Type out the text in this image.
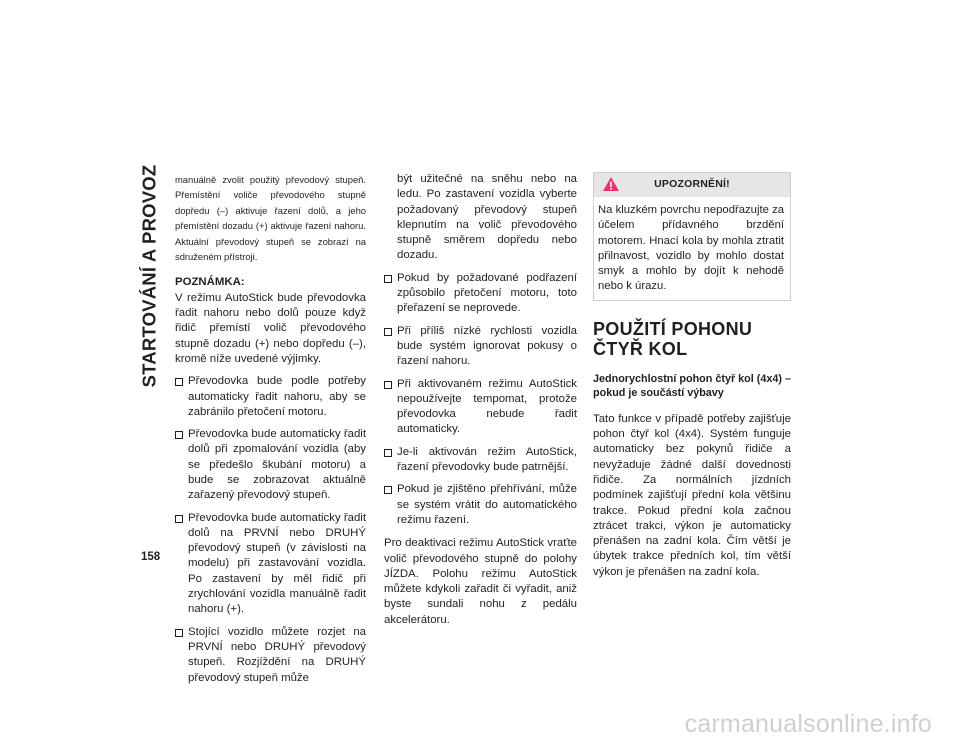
STARTOVÁNÍ A PROVOZ
158

manuálně zvolit použitý převodový stupeň. Přemístění voliče převodového stupně dopředu (–) aktivuje řazení dolů, a jeho přemístění dozadu (+) aktivuje řazení nahoru. Aktuální převodový stupeň se zobrazí na sdruženém přístroji.

POZNÁMKA:

V režimu AutoStick bude převodovka řadit nahoru nebo dolů pouze když řidič přemístí volič převodového stupně dozadu (+) nebo dopředu (–), kromě níže uvedené výjimky.

Převodovka bude podle potřeby automaticky řadit nahoru, aby se zabránilo přetočení motoru.
Převodovka bude automaticky řadit dolů při zpomalování vozidla (aby se předešlo škubání motoru) a bude se zobrazovat aktuálně zařazený převodový stupeň.
Převodovka bude automaticky řadit dolů na PRVNÍ nebo DRUHÝ převodový stupeň (v závislosti na modelu) při zastavování vozidla. Po zastavení by měl řidič při zrychlování vozidla manuálně řadit nahoru (+).
Stojící vozidlo můžete rozjet na PRVNÍ nebo DRUHÝ převodový stupeň. Rozjíždění na DRUHÝ převodový stupeň může

být užitečné na sněhu nebo na ledu. Po zastavení vozidla vyberte požadovaný převodový stupeň klepnutím na volič převodového stupně směrem dopředu nebo dozadu.

Pokud by požadované podřazení způsobilo přetočení motoru, toto přeřazení se neprovede.
Při příliš nízké rychlosti vozidla bude systém ignorovat pokusy o řazení nahoru.
Při aktivovaném režimu AutoStick nepoužívejte tempomat, protože převodovka nebude řadit automaticky.
Je-li aktivován režim AutoStick, řazení převodovky bude patrnější.
Pokud je zjištěno přehřívání, může se systém vrátit do automatického režimu řazení.

Pro deaktivaci režimu AutoStick vraťte volič převodového stupně do polohy JÍZDA. Polohu režimu AutoStick můžete kdykoli zařadit či vyřadit, aniž byste sundali nohu z pedálu akcelerátoru.

UPOZORNĚNÍ!

Na kluzkém povrchu nepodřazujte za účelem přídavného brzdění motorem. Hnací kola by mohla ztratit přilnavost, vozidlo by mohlo dostat smyk a mohlo by dojít k nehodě nebo k úrazu.

POUŽITÍ POHONU ČTYŘ KOL
Jednorychlostní pohon čtyř kol (4x4) – pokud je součástí výbavy

Tato funkce v případě potřeby zajišťuje pohon čtyř kol (4x4). Systém funguje automaticky bez pokynů řidiče a nevyžaduje žádné další dovednosti řidiče. Za normálních jízdních podmínek zajišťují přední kola většinu trakce. Pokud přední kola začnou ztrácet trakci, výkon je automaticky přenášen na zadní kola. Čím větší je úbytek trakce předních kol, tím větší výkon je přenášen na zadní kola.

carmanualsonline.info
